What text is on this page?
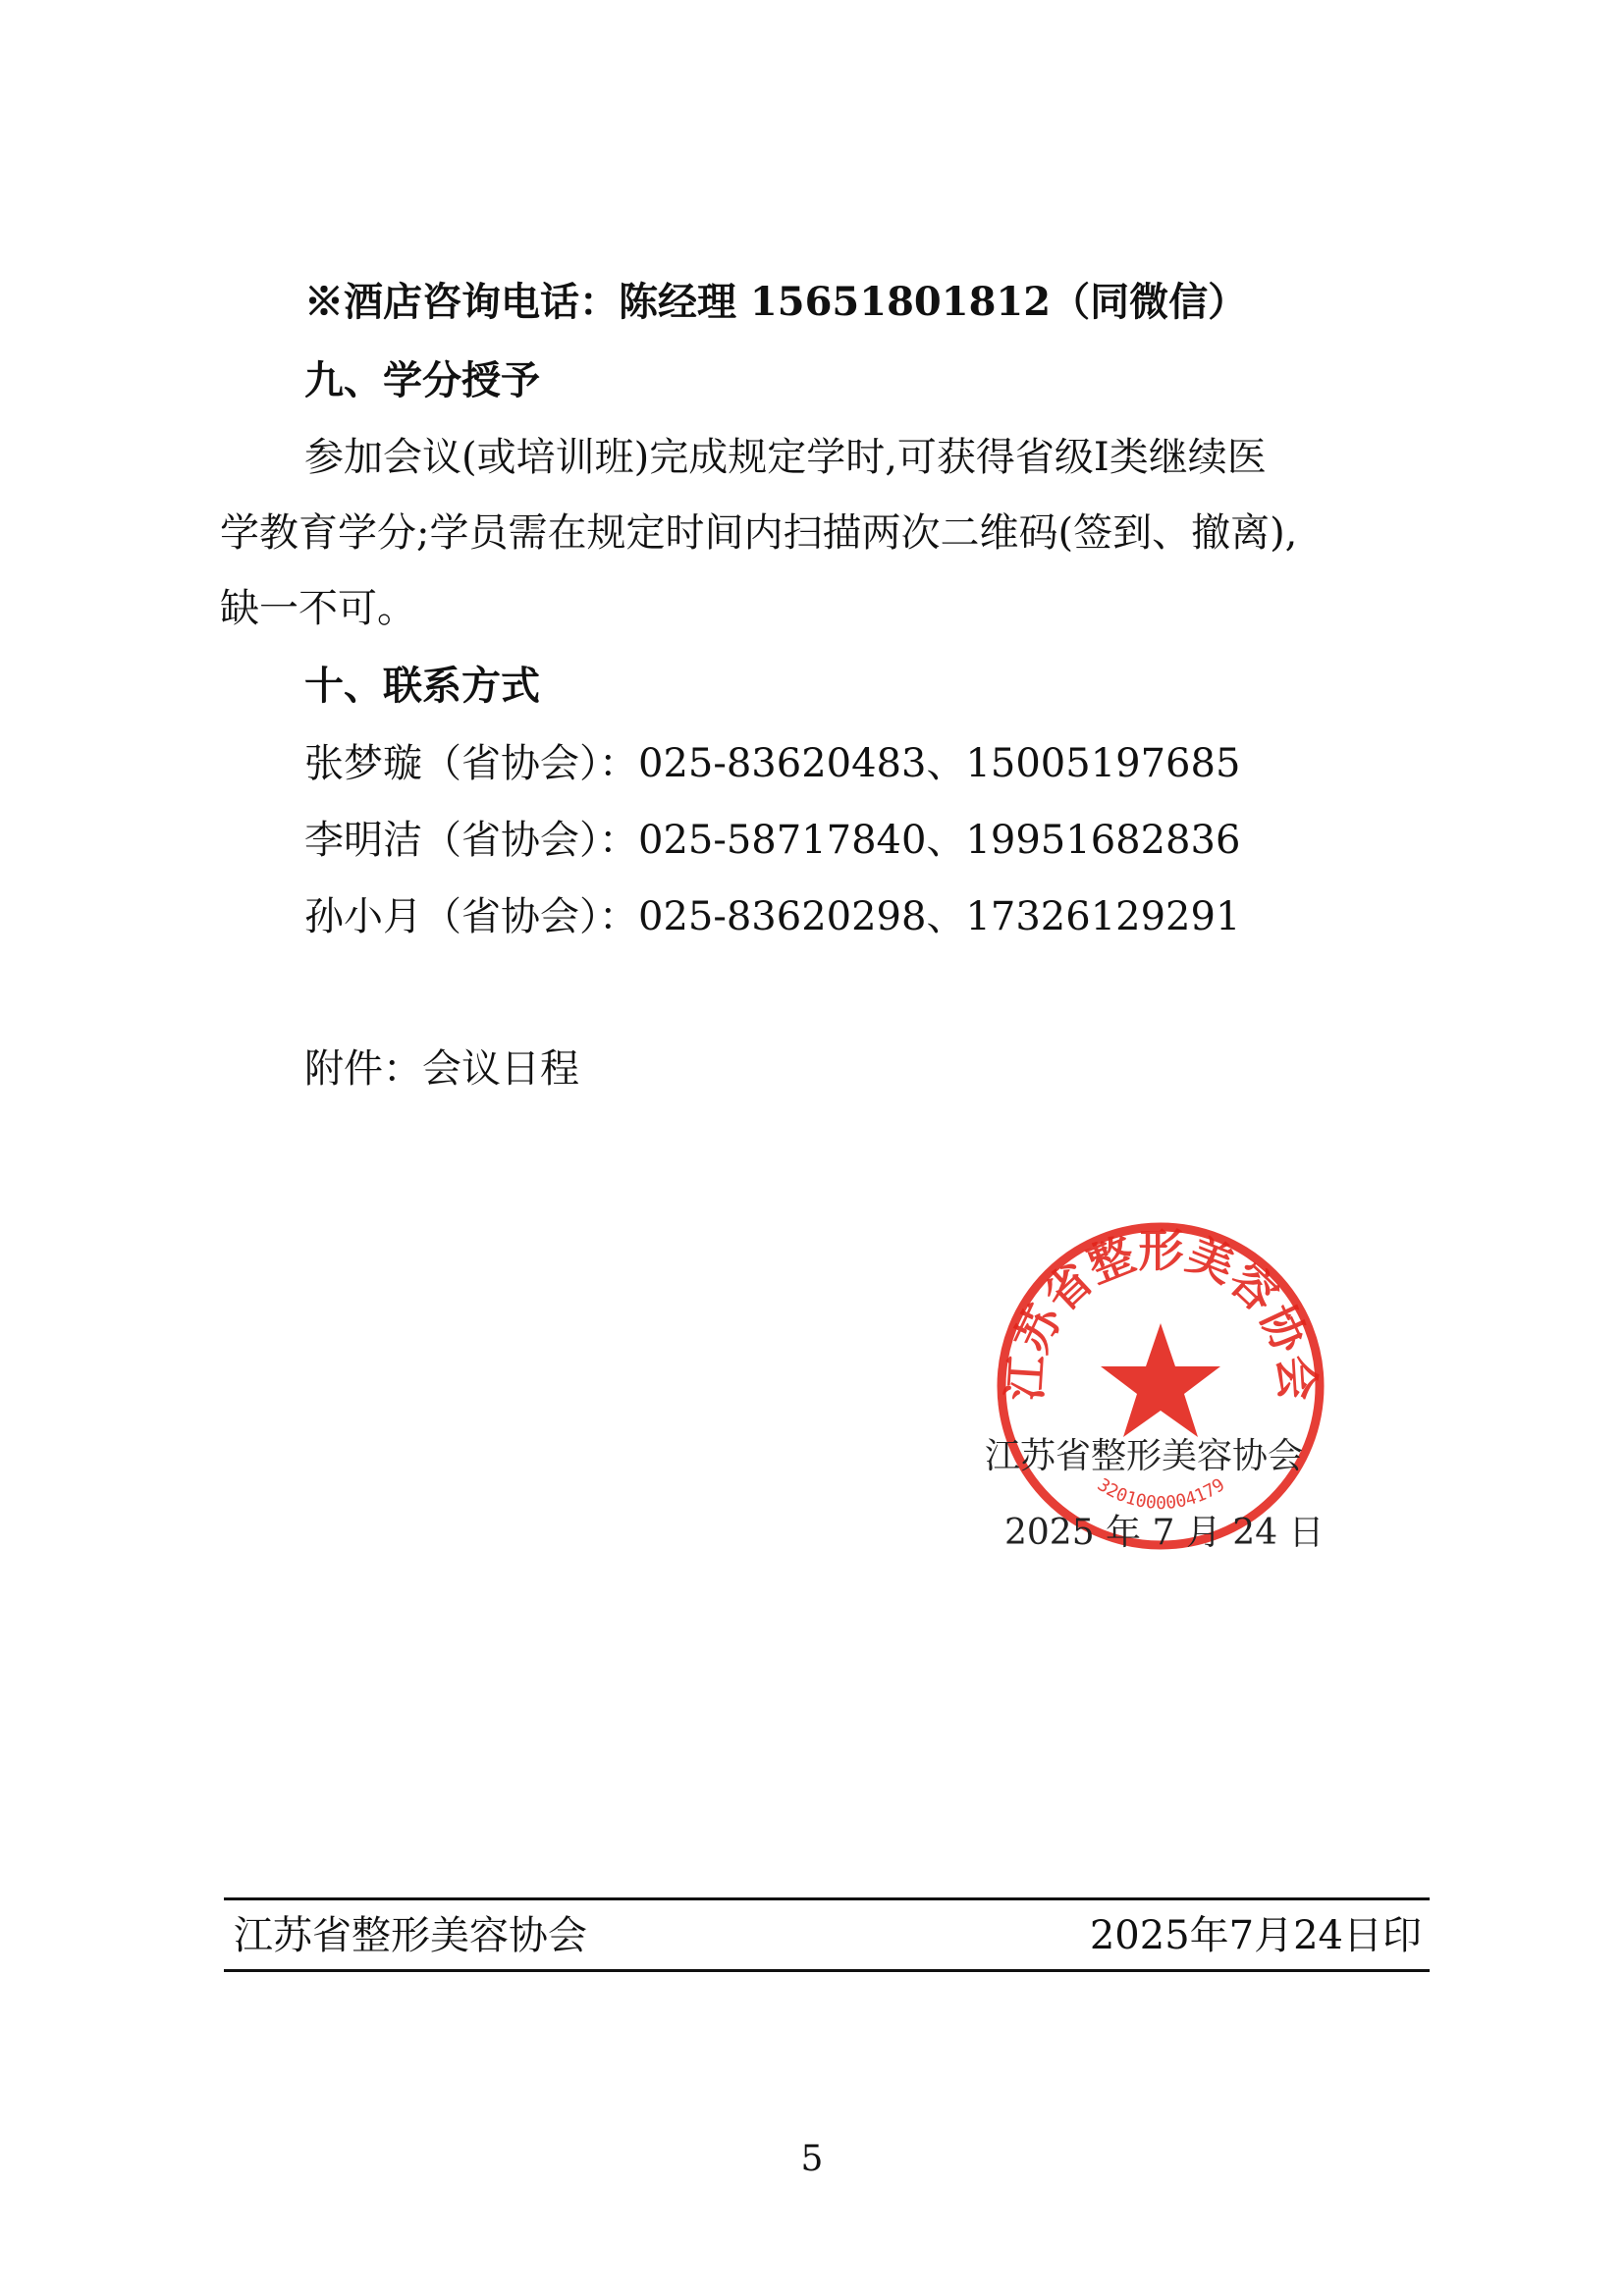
※酒店咨询电话：陈经理 15651801812（同微信）
九、学分授予
参加会议(或培训班)完成规定学时,可获得省级Ⅰ类继续医
学教育学分;学员需在规定时间内扫描两次二维码(签到、撤离),
缺一不可。
十、联系方式
张梦璇（省协会）：025-83620483、15005197685
李明洁（省协会）：025-58717840、19951682836
孙小月（省协会）：025-83620298、17326129291
附件：会议日程
江苏省整形美容协会
3201000004179
江苏省整形美容协会
2025 年 7 月 24 日
江苏省整形美容协会	2025年7月24日印
5
